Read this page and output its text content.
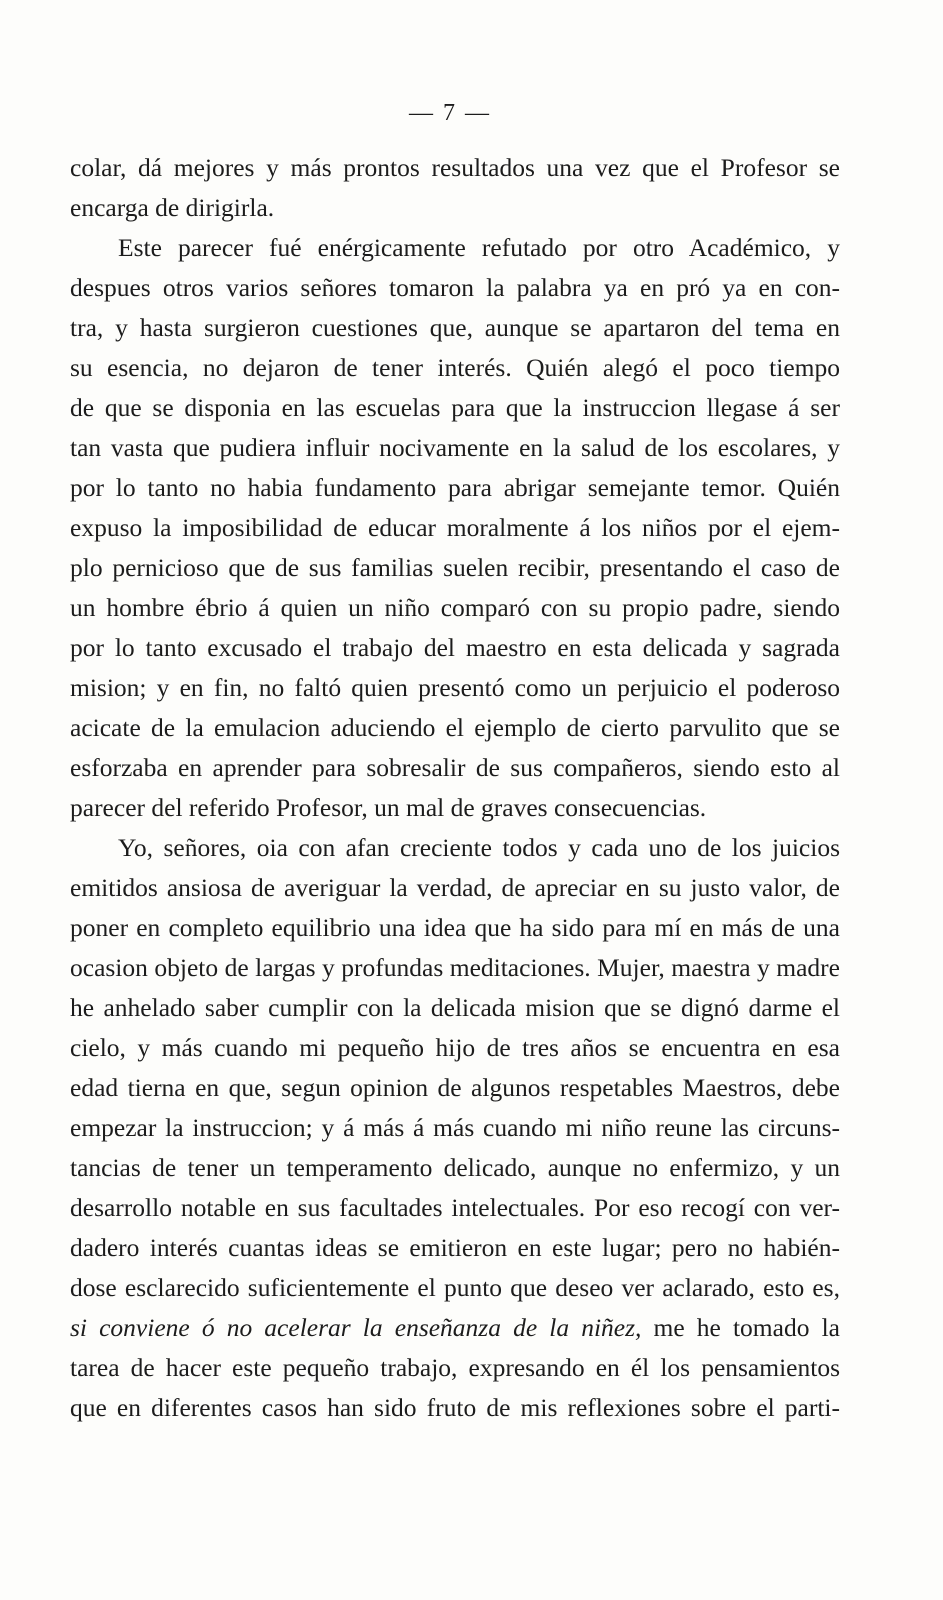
— 7 —
colar, dá mejores y más prontos resultados una vez que el Profesor se
encarga de dirigirla.
Este parecer fué enérgicamente refutado por otro Académico, y
despues otros varios señores tomaron la palabra ya en pró ya en con-
tra, y hasta surgieron cuestiones que, aunque se apartaron del tema en
su esencia, no dejaron de tener interés. Quién alegó el poco tiempo
de que se disponia en las escuelas para que la instruccion llegase á ser
tan vasta que pudiera influir nocivamente en la salud de los escolares, y
por lo tanto no habia fundamento para abrigar semejante temor. Quién
expuso la imposibilidad de educar moralmente á los niños por el ejem-
plo pernicioso que de sus familias suelen recibir, presentando el caso de
un hombre ébrio á quien un niño comparó con su propio padre, siendo
por lo tanto excusado el trabajo del maestro en esta delicada y sagrada
mision; y en fin, no faltó quien presentó como un perjuicio el poderoso
acicate de la emulacion aduciendo el ejemplo de cierto parvulito que se
esforzaba en aprender para sobresalir de sus compañeros, siendo esto al
parecer del referido Profesor, un mal de graves consecuencias.
Yo, señores, oia con afan creciente todos y cada uno de los juicios
emitidos ansiosa de averiguar la verdad, de apreciar en su justo valor, de
poner en completo equilibrio una idea que ha sido para mí en más de una
ocasion objeto de largas y profundas meditaciones. Mujer, maestra y madre
he anhelado saber cumplir con la delicada mision que se dignó darme el
cielo, y más cuando mi pequeño hijo de tres años se encuentra en esa
edad tierna en que, segun opinion de algunos respetables Maestros, debe
empezar la instruccion; y á más á más cuando mi niño reune las circuns-
tancias de tener un temperamento delicado, aunque no enfermizo, y un
desarrollo notable en sus facultades intelectuales. Por eso recogí con ver-
dadero interés cuantas ideas se emitieron en este lugar; pero no habién-
dose esclarecido suficientemente el punto que deseo ver aclarado, esto es,
si conviene ó no acelerar la enseñanza de la niñez, me he tomado la
tarea de hacer este pequeño trabajo, expresando en él los pensamientos
que en diferentes casos han sido fruto de mis reflexiones sobre el parti-
